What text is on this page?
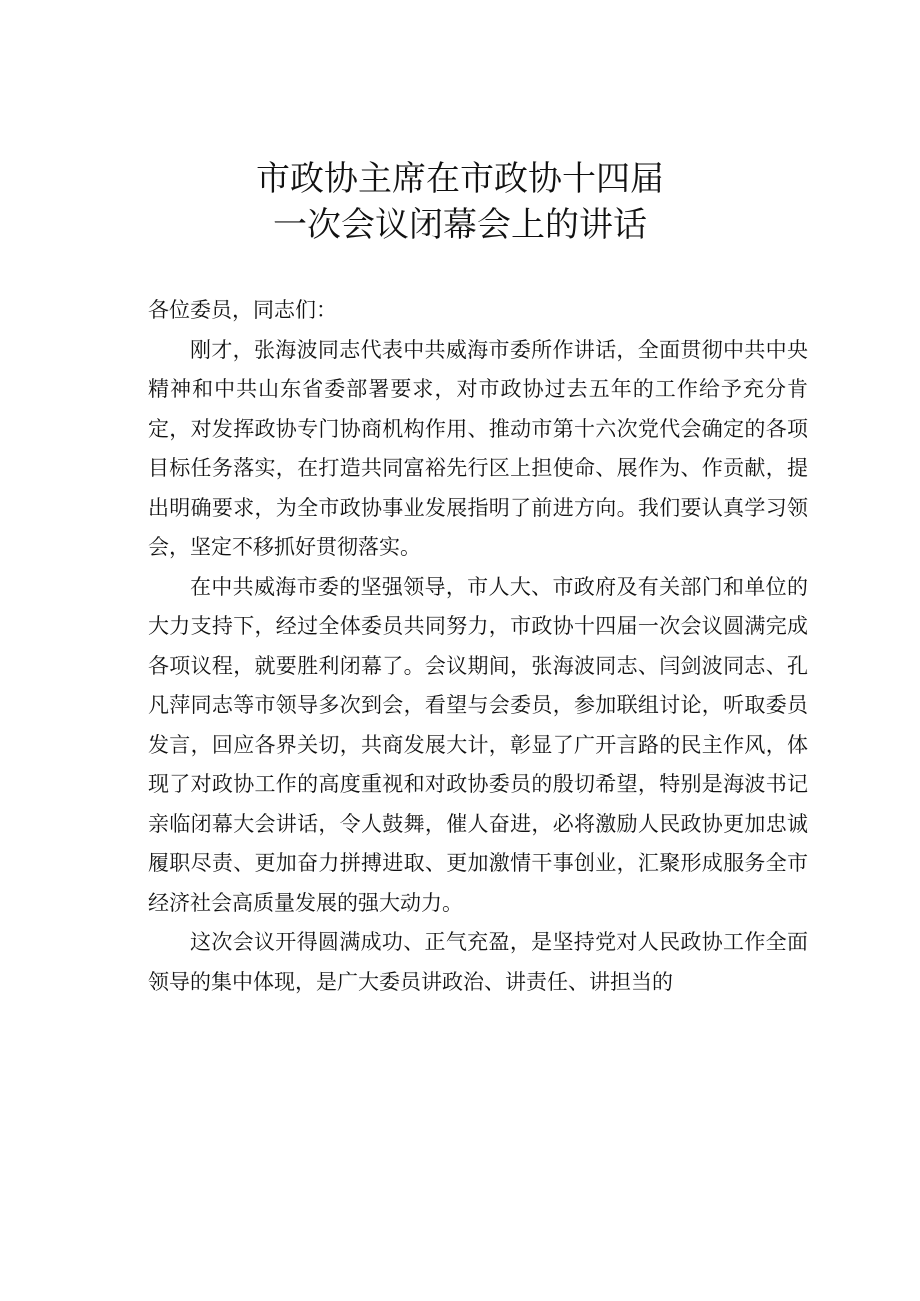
市政协主席在市政协十四届
一次会议闭幕会上的讲话

各位委员，同志们：

刚才，张海波同志代表中共威海市委所作讲话，全面贯彻中共中央精神和中共山东省委部署要求，对市政协过去五年的工作给予充分肯定，对发挥政协专门协商机构作用、推动市第十六次党代会确定的各项目标任务落实，在打造共同富裕先行区上担使命、展作为、作贡献，提出明确要求，为全市政协事业发展指明了前进方向。我们要认真学习领会，坚定不移抓好贯彻落实。

在中共威海市委的坚强领导，市人大、市政府及有关部门和单位的大力支持下，经过全体委员共同努力，市政协十四届一次会议圆满完成各项议程，就要胜利闭幕了。会议期间，张海波同志、闫剑波同志、孔凡萍同志等市领导多次到会，看望与会委员，参加联组讨论，听取委员发言，回应各界关切，共商发展大计，彰显了广开言路的民主作风，体现了对政协工作的高度重视和对政协委员的殷切希望，特别是海波书记亲临闭幕大会讲话，令人鼓舞，催人奋进，必将激励人民政协更加忠诚履职尽责、更加奋力拼搏进取、更加激情干事创业，汇聚形成服务全市经济社会高质量发展的强大动力。

这次会议开得圆满成功、正气充盈，是坚持党对人民政协工作全面领导的集中体现，是广大委员讲政治、讲责任、讲担当的
